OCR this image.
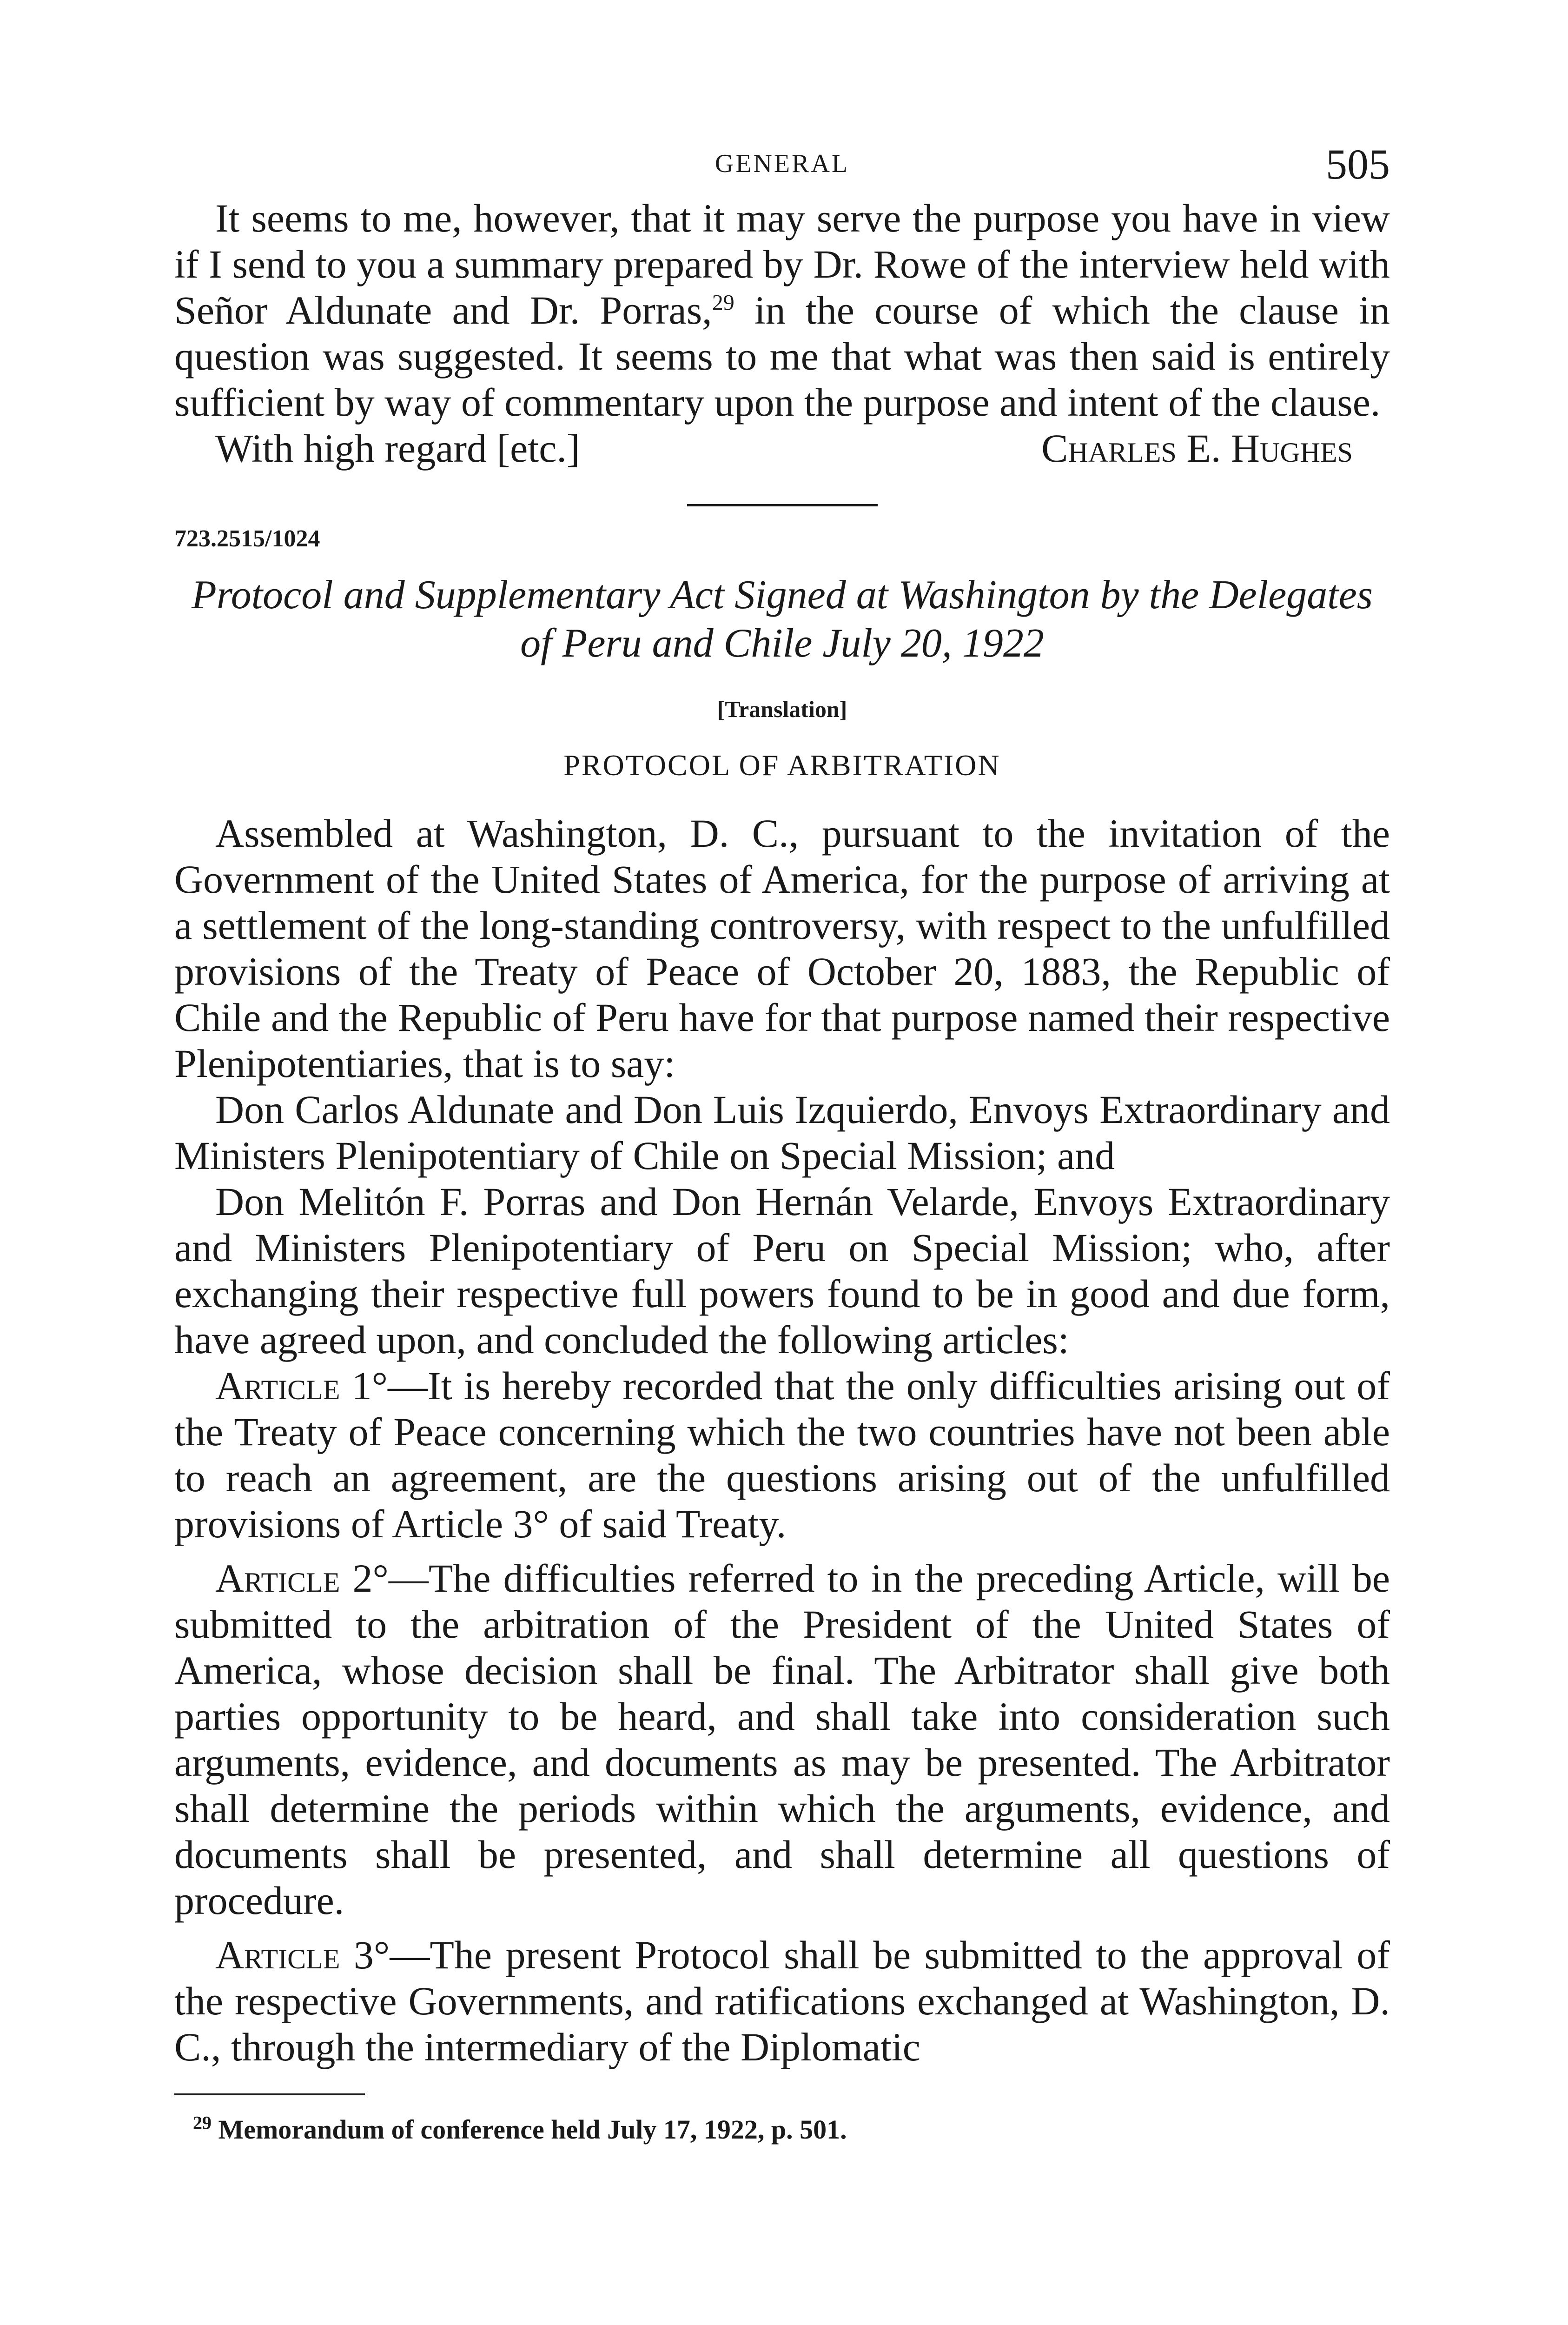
GENERAL	505

It seems to me, however, that it may serve the purpose you have in view if I send to you a summary prepared by Dr. Rowe of the interview held with Señor Aldunate and Dr. Porras,$^{29}$ in the course of which the clause in question was suggested. It seems to me that what was then said is entirely sufficient by way of commentary upon the purpose and intent of the clause.

With high regard [etc.]	Charles E. Hughes
723.2515/1024
Protocol and Supplementary Act Signed at Washington by the Delegates of Peru and Chile July 20, 1922
[Translation]
PROTOCOL OF ARBITRATION

Assembled at Washington, D. C., pursuant to the invitation of the Government of the United States of America, for the purpose of arriving at a settlement of the long-standing controversy, with respect to the unfulfilled provisions of the Treaty of Peace of October 20, 1883, the Republic of Chile and the Republic of Peru have for that purpose named their respective Plenipotentiaries, that is to say:

Don Carlos Aldunate and Don Luis Izquierdo, Envoys Extraordinary and Ministers Plenipotentiary of Chile on Special Mission; and

Don Melitón F. Porras and Don Hernán Velarde, Envoys Extraordinary and Ministers Plenipotentiary of Peru on Special Mission; who, after exchanging their respective full powers found to be in good and due form, have agreed upon, and concluded the following articles:

Article 1°—It is hereby recorded that the only difficulties arising out of the Treaty of Peace concerning which the two countries have not been able to reach an agreement, are the questions arising out of the unfulfilled provisions of Article 3° of said Treaty.

Article 2°—The difficulties referred to in the preceding Article, will be submitted to the arbitration of the President of the United States of America, whose decision shall be final. The Arbitrator shall give both parties opportunity to be heard, and shall take into consideration such arguments, evidence, and documents as may be presented. The Arbitrator shall determine the periods within which the arguments, evidence, and documents shall be presented, and shall determine all questions of procedure.

Article 3°—The present Protocol shall be submitted to the approval of the respective Governments, and ratifications exchanged at Washington, D. C., through the intermediary of the Diplomatic

$^{29}$ Memorandum of conference held July 17, 1922, p. 501.
